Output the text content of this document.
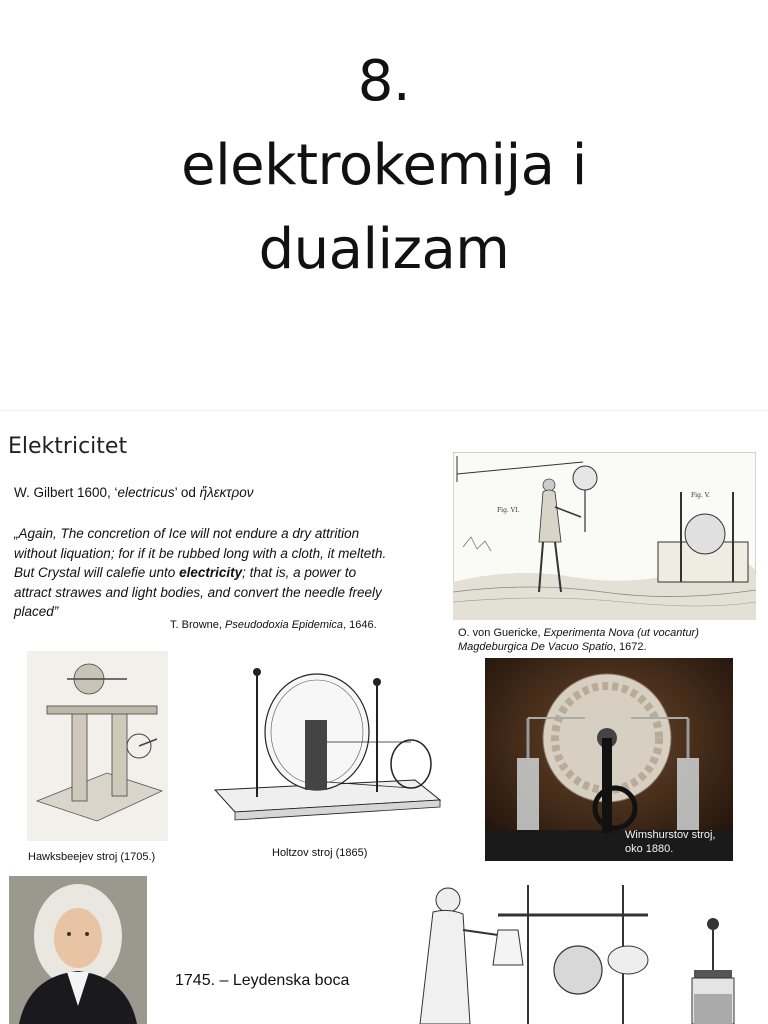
8.
elektrokemija i
dualizam
Elektricitet
W. Gilbert 1600, ‘electricus’ od ἤλεκτρον
„Again, The concretion of Ice will not endure a dry attrition without liquation; for if it be rubbed long with a cloth, it melteth. But Crystal will calefie unto electricity; that is, a power to attract strawes and light bodies, and convert the needle freely placed”
T. Browne, Pseudodoxia Epidemica, 1646.
Fig. VI.
Fig. V.
O. von Guericke, Experimenta Nova (ut vocantur) Magdeburgica De Vacuo Spatio, 1672.
Hawksbeejev stroj (1705.)	Holtzov stroj (1865)
Wimshurstov stroj,
oko 1880.
1745. – Leydenska boca
